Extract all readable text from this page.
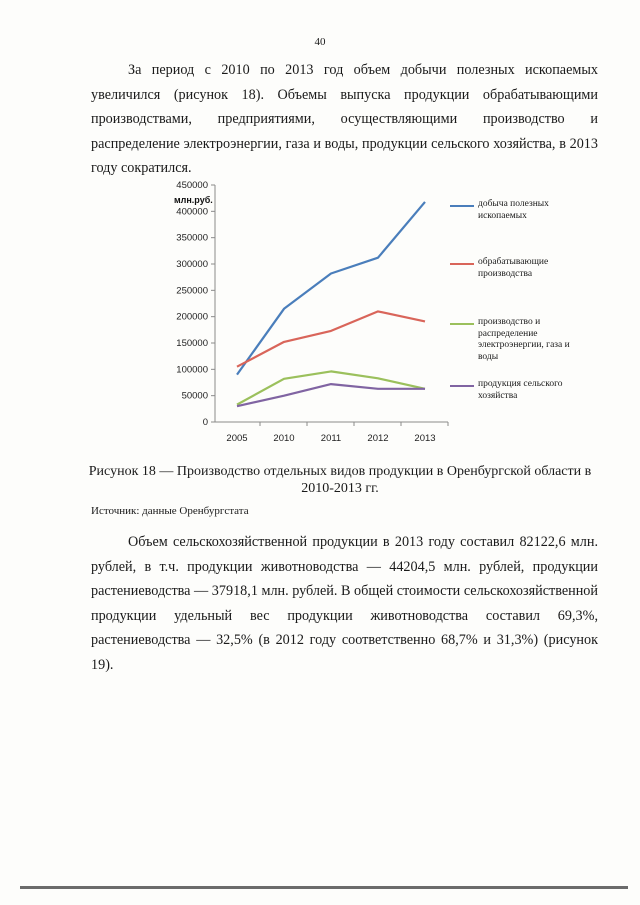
40

За период с 2010 по 2013 год объем добычи полезных ископаемых увеличился (рисунок 18). Объемы выпуска продукции обрабатывающими производствами, предприятиями, осуществляющими производство и распределение электроэнергии, газа и воды, продукции сельского хозяйства, в 2013 году сократился.

млн.руб.
0
50000
100000
150000
200000
250000
300000
350000
400000
450000
2005	2010	2011	2012	2013
добыча полезных ископаемых
обрабатывающие производства
производство и распределение электроэнергии, газа и воды
продукция сельского хозяйства
Рисунок 18 — Производство отдельных видов продукции в Оренбургской области в 2010-2013 гг.
Источник: данные Оренбургстата

Объем сельскохозяйственной продукции в 2013 году составил 82122,6 млн. рублей, в т.ч. продукции животноводства — 44204,5 млн. рублей, продукции растениеводства — 37918,1 млн. рублей. В общей стоимости сельскохозяйственной продукции удельный вес продукции животноводства составил 69,3%, растениеводства — 32,5% (в 2012 году соответственно 68,7% и 31,3%) (рисунок 19).
